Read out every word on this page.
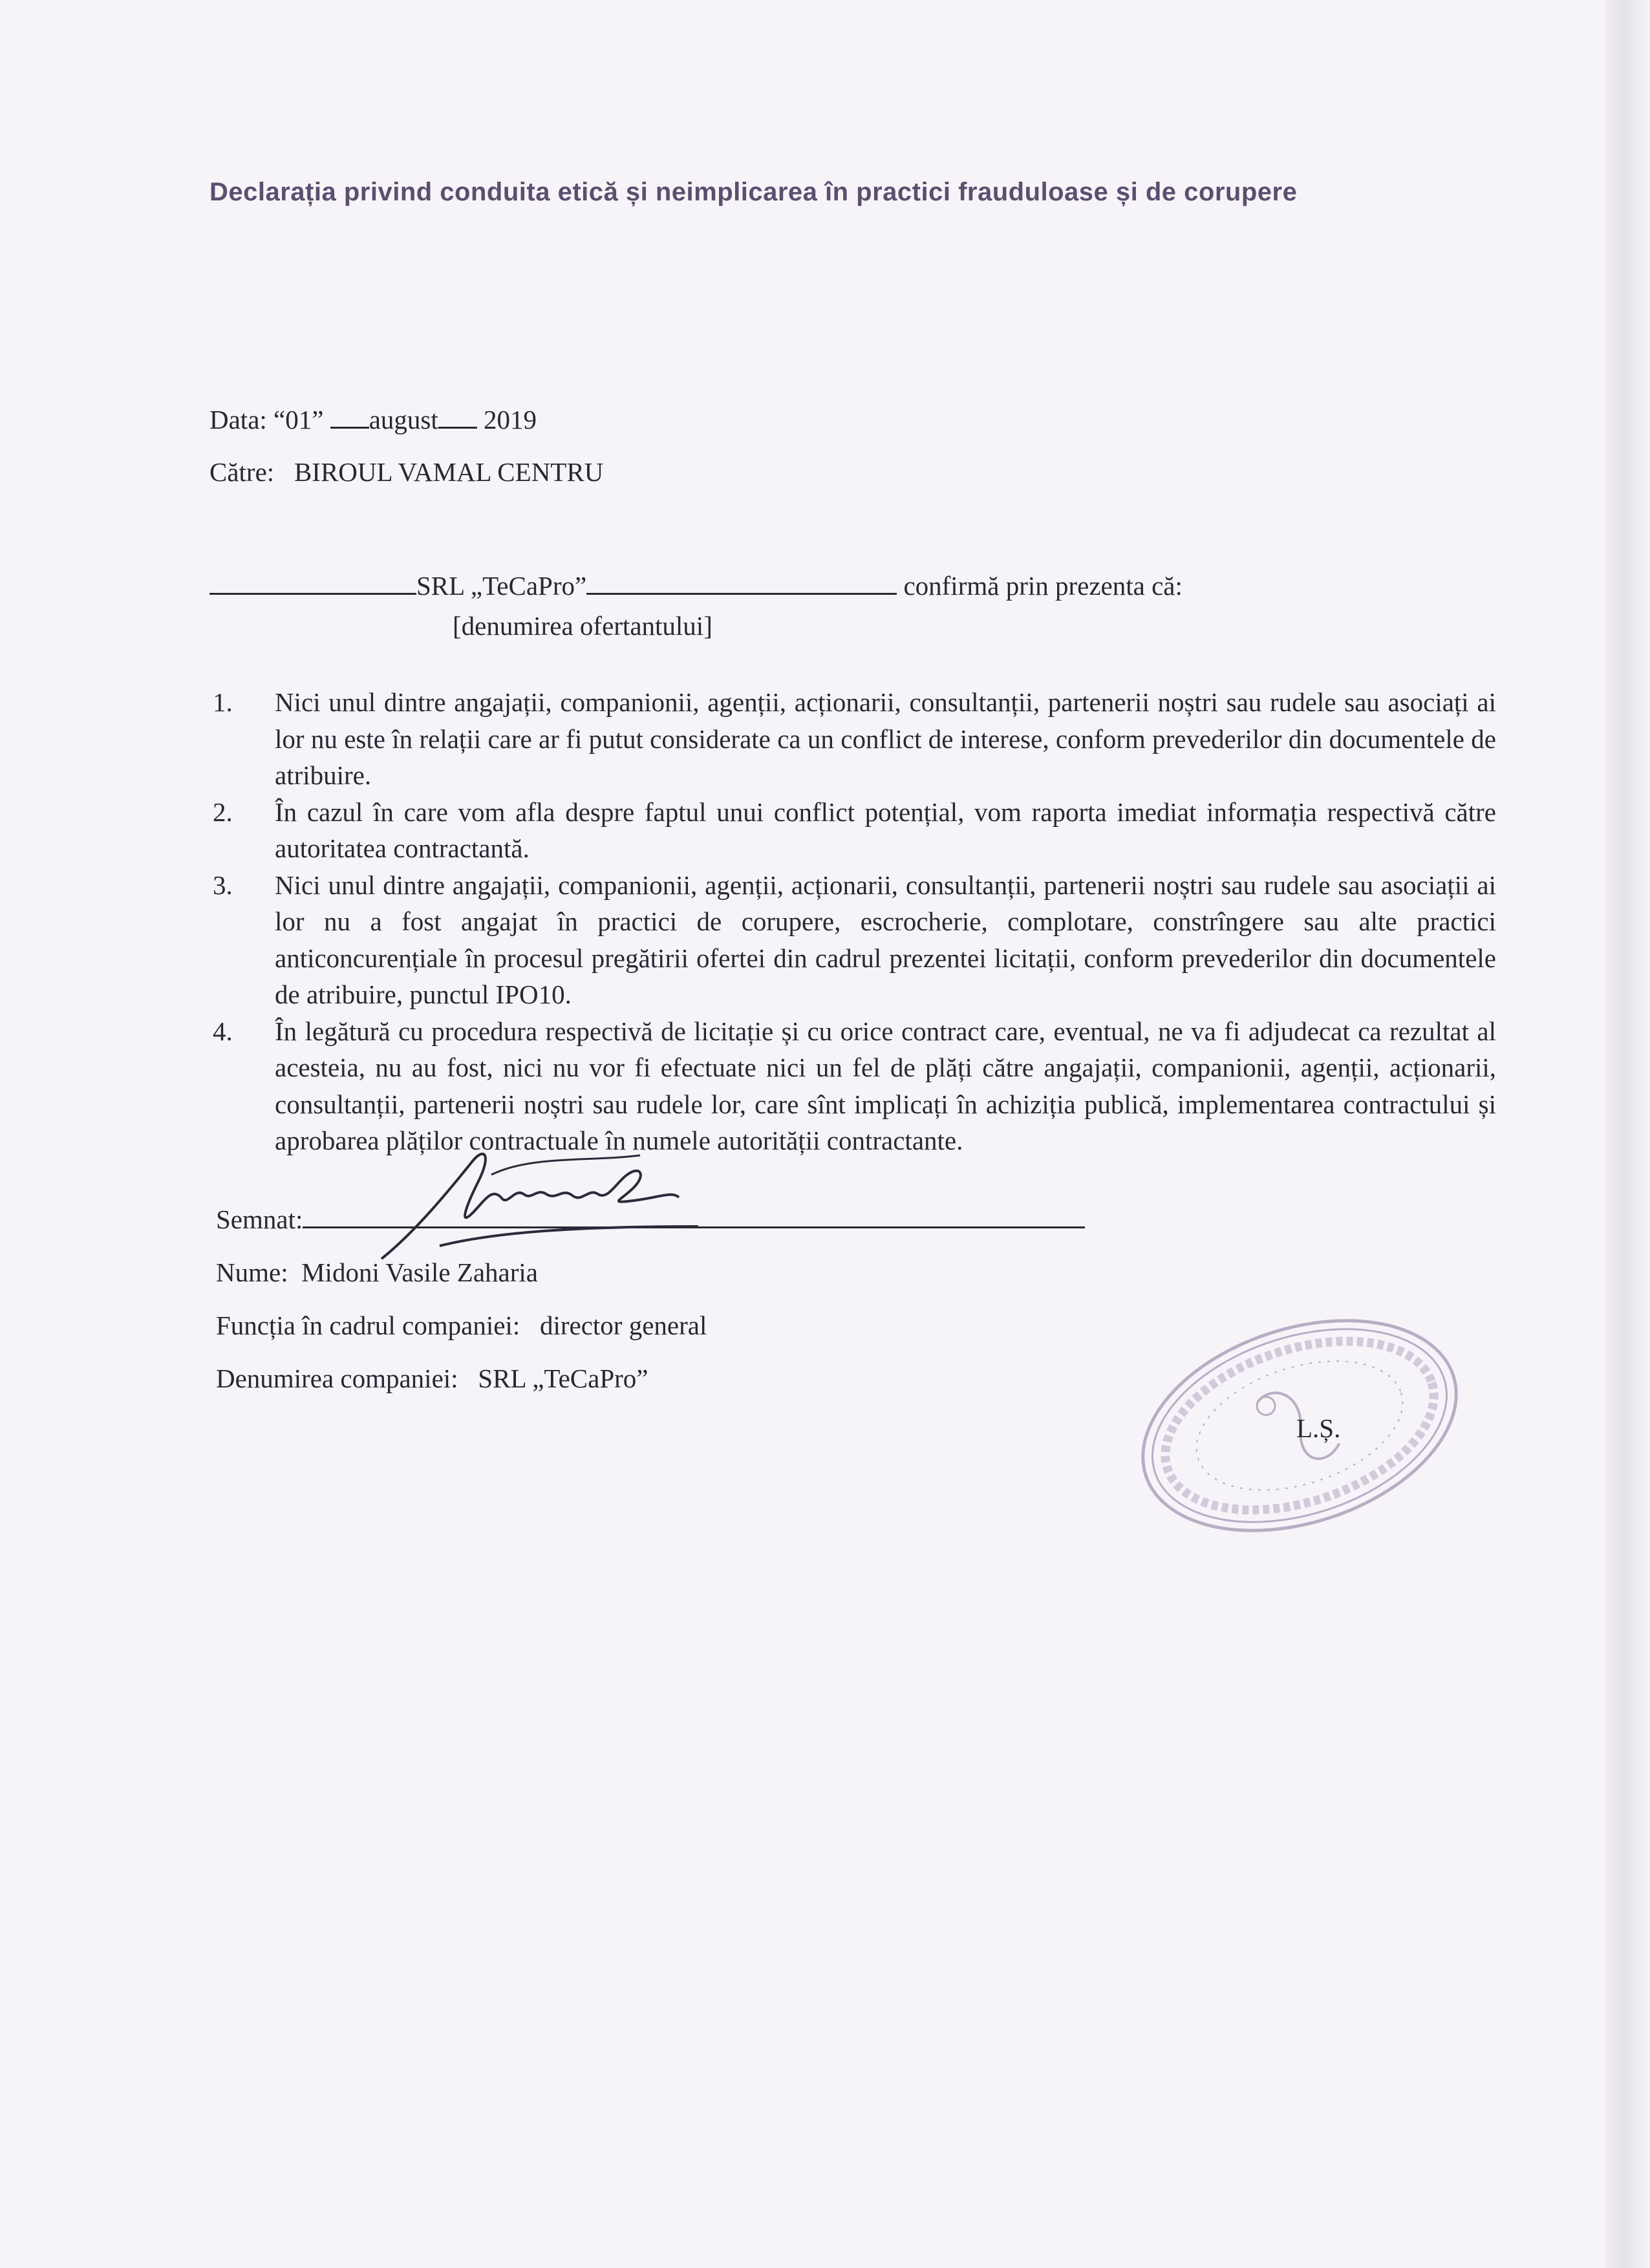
Declarația privind conduita etică și neimplicarea în practici frauduloase și de corupere
Data: “01” august 2019
Către: BIROUL VAMAL CENTRU
SRL „TeCaPro”	confirmă prin prezenta că:
[denumirea ofertantului]
1. Nici unul dintre angajații, companionii, agenții, acționarii, consultanții, partenerii noștri sau rudele sau asociați ai lor nu este în relații care ar fi putut considerate ca un conflict de interese, conform prevederilor din documentele de atribuire.
2. În cazul în care vom afla despre faptul unui conflict potențial, vom raporta imediat informația respectivă către autoritatea contractantă.
3. Nici unul dintre angajații, companionii, agenții, acționarii, consultanții, partenerii noștri sau rudele sau asociații ai lor nu a fost angajat în practici de corupere, escrocherie, complotare, constrîngere sau alte practici anticoncurențiale în procesul pregătirii ofertei din cadrul prezentei licitații, conform prevederilor din documentele de atribuire, punctul IPO10.
4. În legătură cu procedura respectivă de licitație și cu orice contract care, eventual, ne va fi adjudecat ca rezultat al acesteia, nu au fost, nici nu vor fi efectuate nici un fel de plăți către angajații, companionii, agenții, acționarii, consultanții, partenerii noștri sau rudele lor, care sînt implicați în achiziția publică, implementarea contractului și aprobarea plăților contractuale în numele autorității contractante.
Semnat:
Nume: Midoni Vasile Zaharia
Funcția în cadrul companiei: director general
Denumirea companiei: SRL „TeCaPro”
L.Ș.
